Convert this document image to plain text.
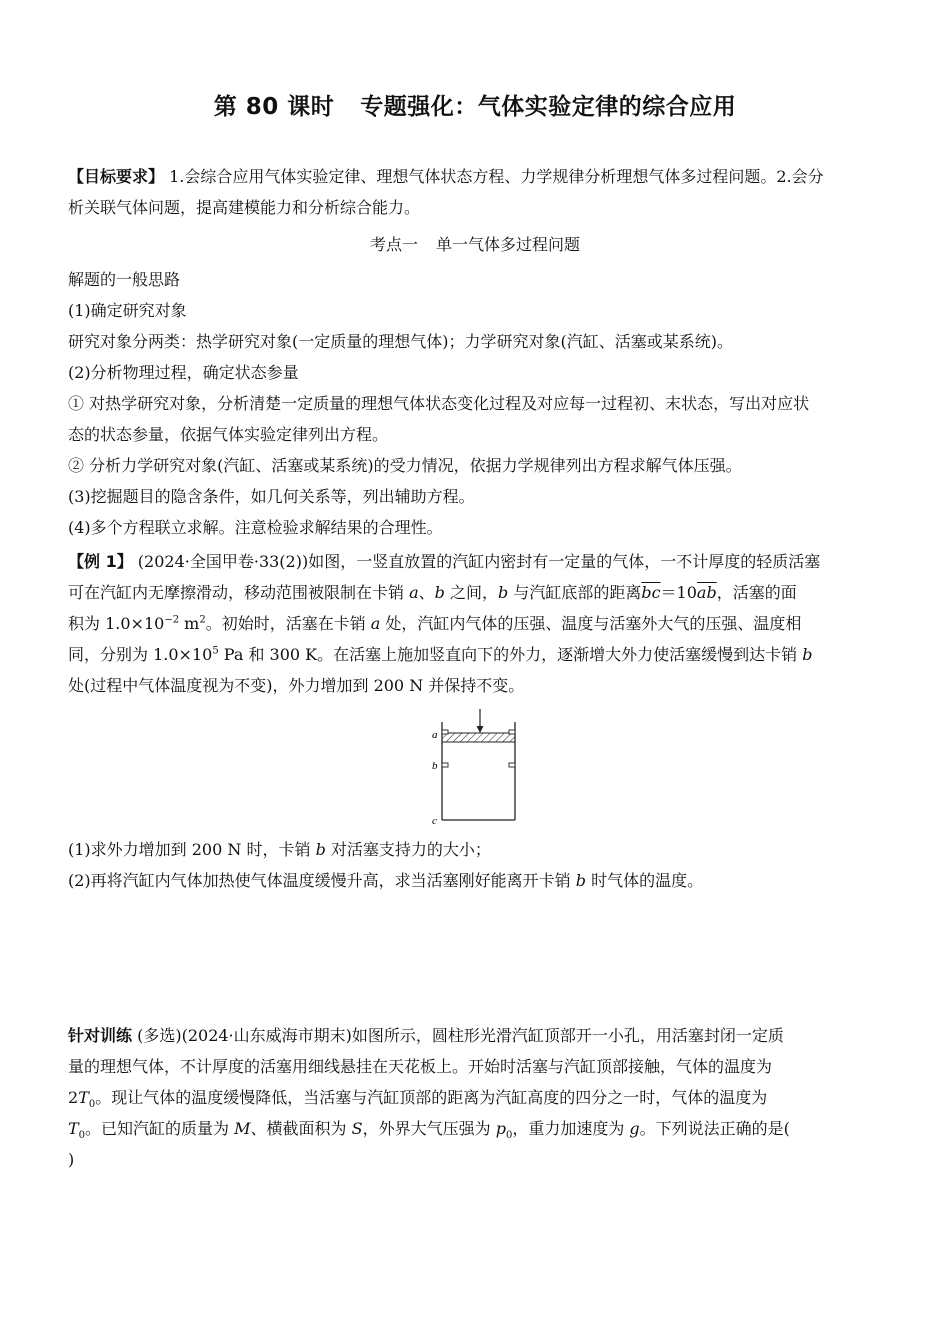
第 80 课时 专题强化：气体实验定律的综合应用
【目标要求】 1.会综合应用气体实验定律、理想气体状态方程、力学规律分析理想气体多过程问题。2.会分
析关联气体问题，提高建模能力和分析综合能力。
考点一 单一气体多过程问题
解题的一般思路
(1)确定研究对象
研究对象分两类：热学研究对象(一定质量的理想气体)；力学研究对象(汽缸、活塞或某系统)。
(2)分析物理过程，确定状态参量
① 对热学研究对象，分析清楚一定质量的理想气体状态变化过程及对应每一过程初、末状态，写出对应状
态的状态参量，依据气体实验定律列出方程。
② 分析力学研究对象(汽缸、活塞或某系统)的受力情况，依据力学规律列出方程求解气体压强。
(3)挖掘题目的隐含条件，如几何关系等，列出辅助方程。
(4)多个方程联立求解。注意检验求解结果的合理性。
【例 1】 (2024·全国甲卷·33(2))如图，一竖直放置的汽缸内密封有一定量的气体，一不计厚度的轻质活塞
可在汽缸内无摩擦滑动，移动范围被限制在卡销 a、b 之间，b 与汽缸底部的距离$\overline{bc}=10\overline{ab}$，活塞的面
积为 $1.0\times 10^{-2}$ $m^2$。初始时，活塞在卡销 a 处，汽缸内气体的压强、温度与活塞外大气的压强、温度相
同，分别为 $1.0\times 10^5$ Pa 和 300 K。在活塞上施加竖直向下的外力，逐渐增大外力使活塞缓慢到达卡销 b
处(过程中气体温度视为不变)，外力增加到 200 N 并保持不变。
a
b
c
(1)求外力增加到 200 N 时，卡销 b 对活塞支持力的大小；
(2)再将汽缸内气体加热使气体温度缓慢升高，求当活塞刚好能离开卡销 b 时气体的温度。
针对训练 (多选)(2024·山东威海市期末)如图所示，圆柱形光滑汽缸顶部开一小孔，用活塞封闭一定质
量的理想气体，不计厚度的活塞用细线悬挂在天花板上。开始时活塞与汽缸顶部接触，气体的温度为
$2T_0$。现让气体的温度缓慢降低，当活塞与汽缸顶部的距离为汽缸高度的四分之一时，气体的温度为
$T_0$。已知汽缸的质量为 M、横截面积为 S，外界大气压强为 $p_0$，重力加速度为 g。下列说法正确的是(
)
